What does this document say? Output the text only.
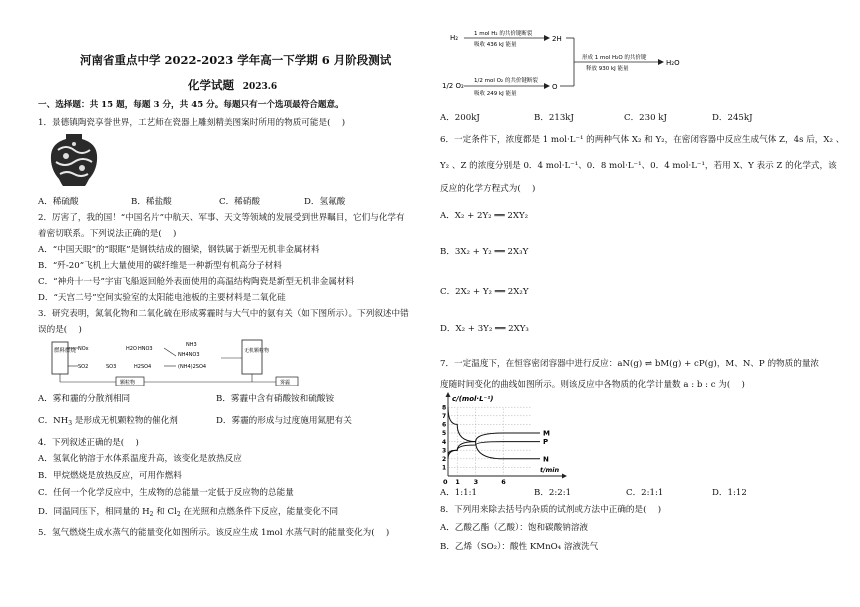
河南省重点中学 2022-2023 学年高一下学期 6 月阶段测试
化学试题 2023.6
一、选择题：共 15 题，每题 3 分，共 45 分。每题只有一个选项最符合题意。
1．景德镇陶瓷享誉世界，工艺师在瓷器上雕刻精美图案时所用的物质可能是(　 )
A．稀硫酸	B．稀盐酸	C．稀硝酸	D．氢氟酸
2．厉害了，我的国！“中国名片”中航天、军事、天文等领域的发展受到世界瞩目，它们与化学有
着密切联系。下列说法正确的是(　 )
A．“中国天眼”的“眼眶”是钢铁结成的圈梁，钢铁属于新型无机非金属材料
B．“歼-20”飞机上大量使用的碳纤维是一种新型有机高分子材料
C．“神舟十一号”宇宙飞船返回舱外表面使用的高温结构陶瓷是新型无机非金属材料
D．“天宫二号”空间实验室的太阳能电池板的主要材料是二氧化硅
3．研究表明，氮氧化物和二氧化硫在形成雾霾时与大气中的氨有关（如下图所示）。下列叙述中错
误的是(　 )
燃料燃烧 NOx
SO2	SO3
H2O HNO3
H2SO4
NH3
NH4NO3
(NH4)2SO4
无机颗粒物
颗粒物	雾霾
A．雾和霾的分散剂相同	B．雾霾中含有硝酸铵和硫酸铵
C．$NH_3$ 是形成无机颗粒物的催化剂	D．雾霾的形成与过度施用氮肥有关
4．下列叙述正确的是(　 )
A．氢氧化钠溶于水体系温度升高，该变化是放热反应
B．甲烷燃烧是放热反应，可用作燃料
C．任何一个化学反应中，生成物的总能量一定低于反应物的总能量
D．同温同压下，相同量的 $H_2$ 和 $Cl_2$ 在光照和点燃条件下反应，能量变化不同
5．氢气燃烧生成水蒸气的能量变化如图所示。该反应生成 1mol 水蒸气时的能量变化为(　 )
H₂	1 mol H₂ 的共价键断裂
吸收 436 kJ 能量
2H
1/2 O₂
1/2 mol O₂ 的共价键断裂
吸收 249 kJ 能量
O
形成 1 mol H₂O 的共价键
释放 930 kJ 能量
H₂O
A．200kJ	B．213kJ	C．230 kJ	D．245kJ
6．一定条件下，浓度都是 1 mol·L⁻¹ 的两种气体 X₂ 和 Y₂，在密闭容器中反应生成气体 Z，4s 后，X₂ 、
Y₂ 、Z 的浓度分别是 0．4 mol·L⁻¹、0．8 mol·L⁻¹、0．4 mol·L⁻¹，若用 X、Y 表示 Z 的化学式，该
反应的化学方程式为(　 )
A．X₂ + 2Y₂ ══ 2XY₂
B．3X₂ + Y₂ ══ 2X₃Y
C．2X₂ + Y₂ ══ 2X₂Y
D．X₂ + 3Y₂ ══ 2XY₃
7．一定温度下，在恒容密闭容器中进行反应：aN(g) ⇌ bM(g) + cP(g)，M、N、P 的物质的量浓
度随时间变化的曲线如图所示。则该反应中各物质的化学计量数 a : b : c 为(　 )
c/(mol·L⁻¹)
t/min
1
2
3
4
5
6
7
8
0 1 3	6
M
P
N
A．1:1:1	B．2:2:1	C．2:1:1	D．1:12
8．下列用来除去括号内杂质的试剂或方法中正确的是(　 )
A．乙酸乙酯（乙酸）：饱和碳酸钠溶液
B．乙烯（SO₂）：酸性 KMnO₄ 溶液洗气
